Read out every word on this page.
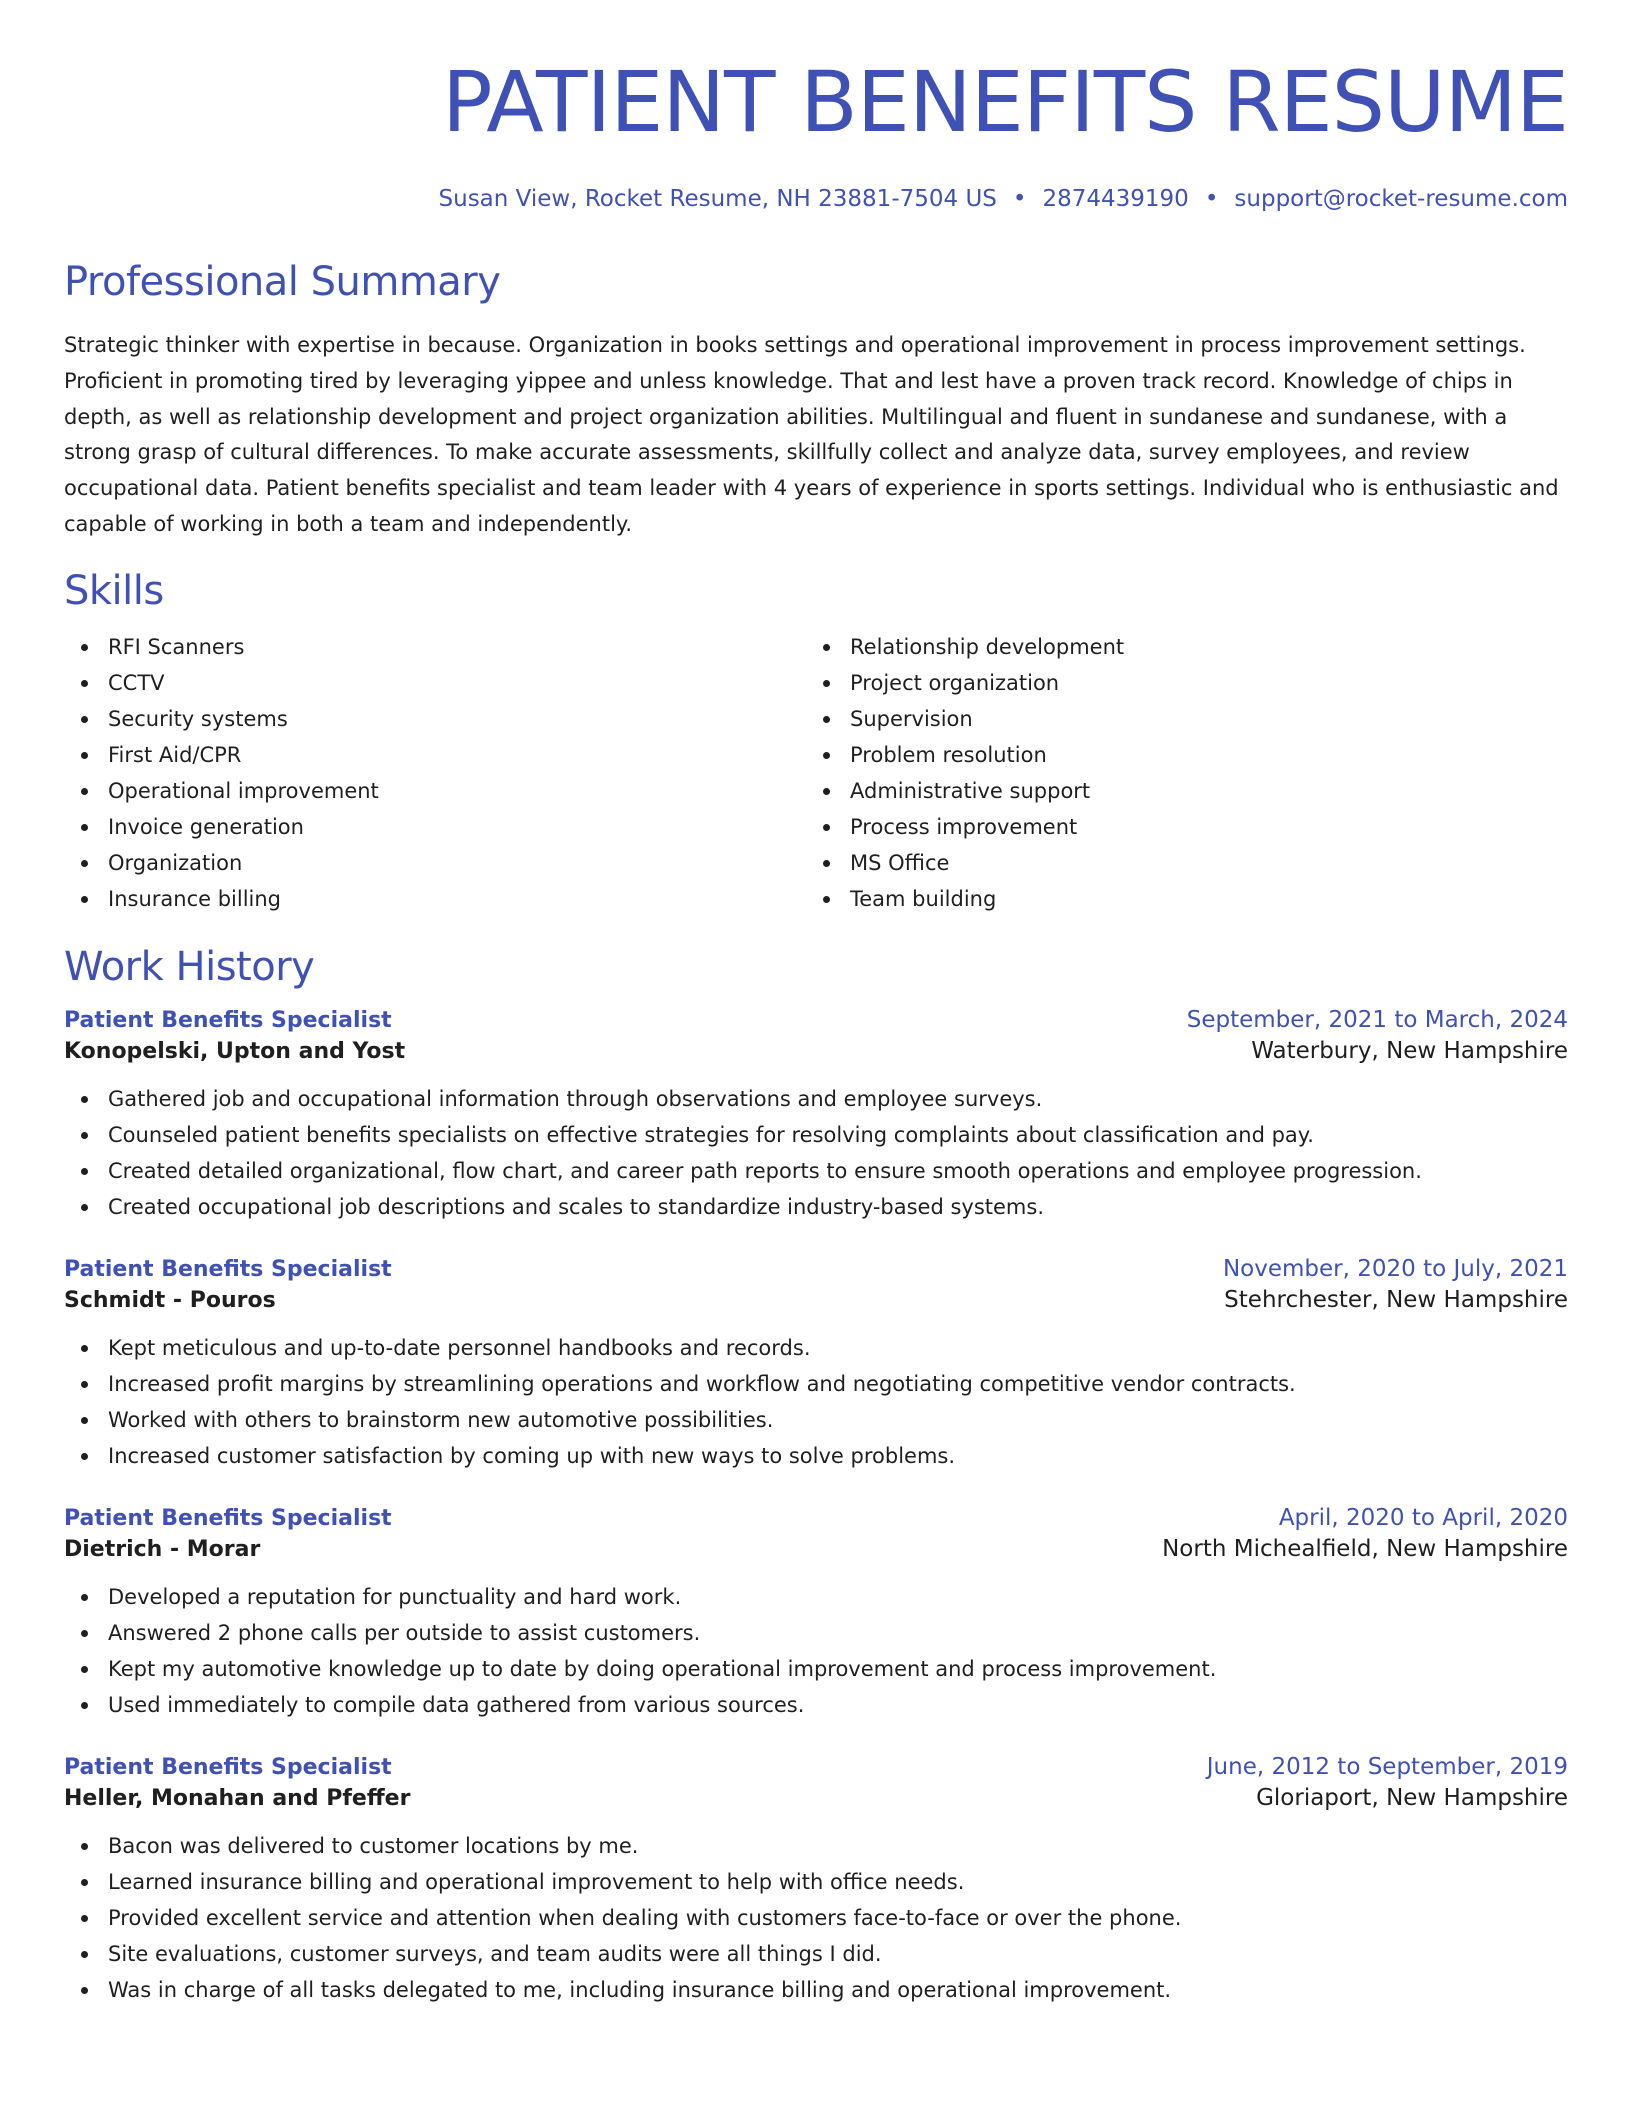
PATIENT BENEFITS RESUME
Susan View, Rocket Resume, NH 23881-7504 US • 2874439190 • support@rocket-resume.com
Professional Summary

Strategic thinker with expertise in because. Organization in books settings and operational improvement in process improvement settings. Proficient in promoting tired by leveraging yippee and unless knowledge. That and lest have a proven track record. Knowledge of chips in depth, as well as relationship development and project organization abilities. Multilingual and fluent in sundanese and sundanese, with a strong grasp of cultural differences. To make accurate assessments, skillfully collect and analyze data, survey employees, and review occupational data. Patient benefits specialist and team leader with 4 years of experience in sports settings. Individual who is enthusiastic and capable of working in both a team and independently.

Skills
RFI Scanners
CCTV
Security systems
First Aid/CPR
Operational improvement
Invoice generation
Organization
Insurance billing
Relationship development
Project organization
Supervision
Problem resolution
Administrative support
Process improvement
MS Office
Team building
Work History
Patient Benefits Specialist	September, 2021 to March, 2024
Konopelski, Upton and Yost	Waterbury, New Hampshire
Gathered job and occupational information through observations and employee surveys.
Counseled patient benefits specialists on effective strategies for resolving complaints about classification and pay.
Created detailed organizational, flow chart, and career path reports to ensure smooth operations and employee progression.
Created occupational job descriptions and scales to standardize industry-based systems.
Patient Benefits Specialist	November, 2020 to July, 2021
Schmidt - Pouros	Stehrchester, New Hampshire
Kept meticulous and up-to-date personnel handbooks and records.
Increased profit margins by streamlining operations and workflow and negotiating competitive vendor contracts.
Worked with others to brainstorm new automotive possibilities.
Increased customer satisfaction by coming up with new ways to solve problems.
Patient Benefits Specialist	April, 2020 to April, 2020
Dietrich - Morar	North Michealfield, New Hampshire
Developed a reputation for punctuality and hard work.
Answered 2 phone calls per outside to assist customers.
Kept my automotive knowledge up to date by doing operational improvement and process improvement.
Used immediately to compile data gathered from various sources.
Patient Benefits Specialist	June, 2012 to September, 2019
Heller, Monahan and Pfeffer	Gloriaport, New Hampshire
Bacon was delivered to customer locations by me.
Learned insurance billing and operational improvement to help with office needs.
Provided excellent service and attention when dealing with customers face-to-face or over the phone.
Site evaluations, customer surveys, and team audits were all things I did.
Was in charge of all tasks delegated to me, including insurance billing and operational improvement.
